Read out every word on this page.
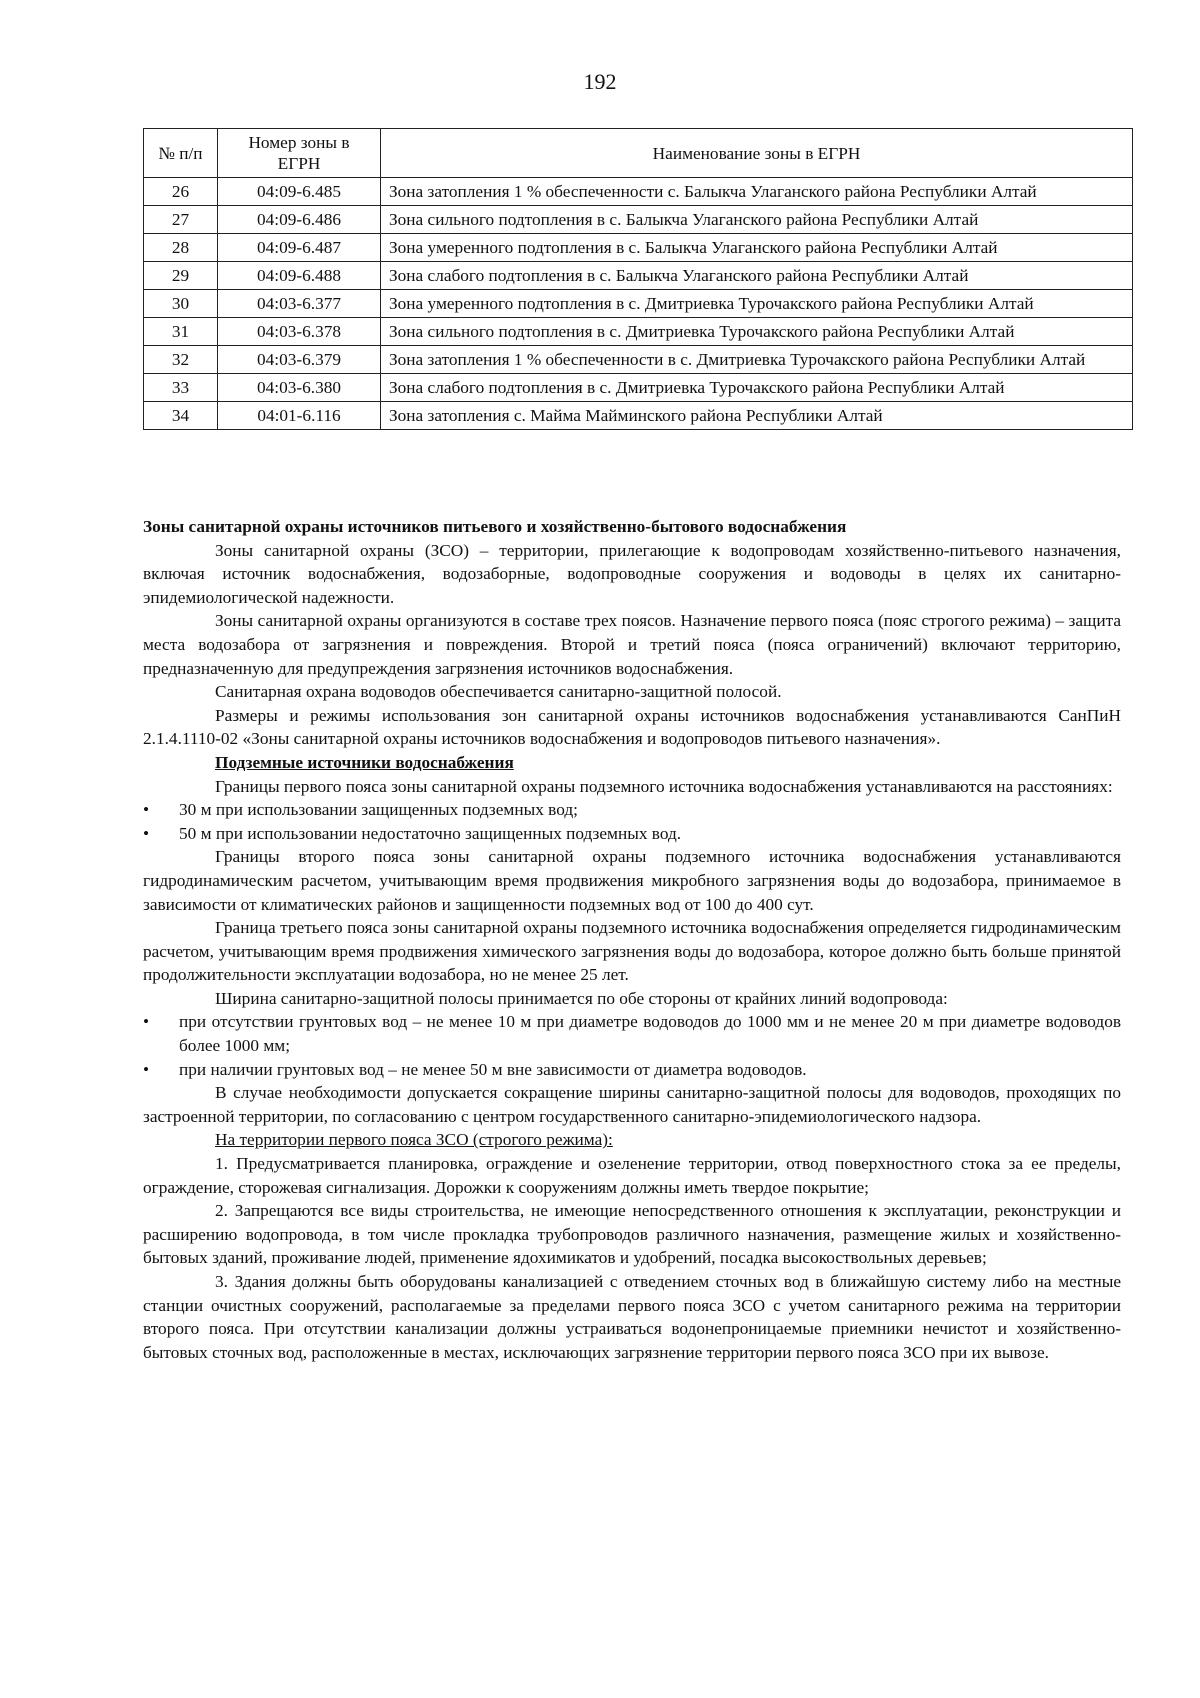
192
№ п/п	Номер зоны в ЕГРН	Наименование зоны в ЕГРН
26	04:09-6.485	Зона затопления 1 % обеспеченности с. Балыкча Улаганского района Республики Алтай
27	04:09-6.486	Зона сильного подтопления в с. Балыкча Улаганского района Республики Алтай
28	04:09-6.487	Зона умеренного подтопления в с. Балыкча Улаганского района Республики Алтай
29	04:09-6.488	Зона слабого подтопления в с. Балыкча Улаганского района Республики Алтай
30	04:03-6.377	Зона умеренного подтопления в с. Дмитриевка Турочакского района Республики Алтай
31	04:03-6.378	Зона сильного подтопления в с. Дмитриевка Турочакского района Республики Алтай
32	04:03-6.379	Зона затопления 1 % обеспеченности в с. Дмитриевка Турочакского района Республики Алтай
33	04:03-6.380	Зона слабого подтопления в с. Дмитриевка Турочакского района Республики Алтай
34	04:01-6.116	Зона затопления с. Майма Майминского района Республики Алтай

Зоны санитарной охраны источников питьевого и хозяйственно-бытового водоснабжения

Зоны санитарной охраны (ЗСО) – территории, прилегающие к водопроводам хозяйственно-питьевого назначения, включая источник водоснабжения, водозаборные, водопроводные сооружения и водоводы в целях их санитарно-эпидемиологической надежности.

Зоны санитарной охраны организуются в составе трех поясов. Назначение первого пояса (пояс строгого режима) – защита места водозабора от загрязнения и повреждения. Второй и третий пояса (пояса ограничений) включают территорию, предназначенную для предупреждения загрязнения источников водоснабжения.

Санитарная охрана водоводов обеспечивается санитарно-защитной полосой.

Размеры и режимы использования зон санитарной охраны источников водоснабжения устанавливаются СанПиН 2.1.4.1110-02 «Зоны санитарной охраны источников водоснабжения и водопроводов питьевого назначения».

Подземные источники водоснабжения

Границы первого пояса зоны санитарной охраны подземного источника водоснабжения устанавливаются на расстояниях:

• 30 м при использовании защищенных подземных вод;
• 50 м при использовании недостаточно защищенных подземных вод.

Границы второго пояса зоны санитарной охраны подземного источника водоснабжения устанавливаются гидродинамическим расчетом, учитывающим время продвижения микробного загрязнения воды до водозабора, принимаемое в зависимости от климатических районов и защищенности подземных вод от 100 до 400 сут.

Граница третьего пояса зоны санитарной охраны подземного источника водоснабжения определяется гидродинамическим расчетом, учитывающим время продвижения химического загрязнения воды до водозабора, которое должно быть больше принятой продолжительности эксплуатации водозабора, но не менее 25 лет.

Ширина санитарно-защитной полосы принимается по обе стороны от крайних линий водопровода:

• при отсутствии грунтовых вод – не менее 10 м при диаметре водоводов до 1000 мм и не менее 20 м при диаметре водоводов более 1000 мм;
• при наличии грунтовых вод – не менее 50 м вне зависимости от диаметра водоводов.

В случае необходимости допускается сокращение ширины санитарно-защитной полосы для водоводов, проходящих по застроенной территории, по согласованию с центром государственного санитарно-эпидемиологического надзора.

На территории первого пояса ЗСО (строгого режима):

1. Предусматривается планировка, ограждение и озеленение территории, отвод поверхностного стока за ее пределы, ограждение, сторожевая сигнализация. Дорожки к сооружениям должны иметь твердое покрытие;

2. Запрещаются все виды строительства, не имеющие непосредственного отношения к эксплуатации, реконструкции и расширению водопровода, в том числе прокладка трубопроводов различного назначения, размещение жилых и хозяйственно-бытовых зданий, проживание людей, применение ядохимикатов и удобрений, посадка высокоствольных деревьев;

3. Здания должны быть оборудованы канализацией с отведением сточных вод в ближайшую систему либо на местные станции очистных сооружений, располагаемые за пределами первого пояса ЗСО с учетом санитарного режима на территории второго пояса. При отсутствии канализации должны устраиваться водонепроницаемые приемники нечистот и хозяйственно-бытовых сточных вод, расположенные в местах, исключающих загрязнение территории первого пояса ЗСО при их вывозе.
